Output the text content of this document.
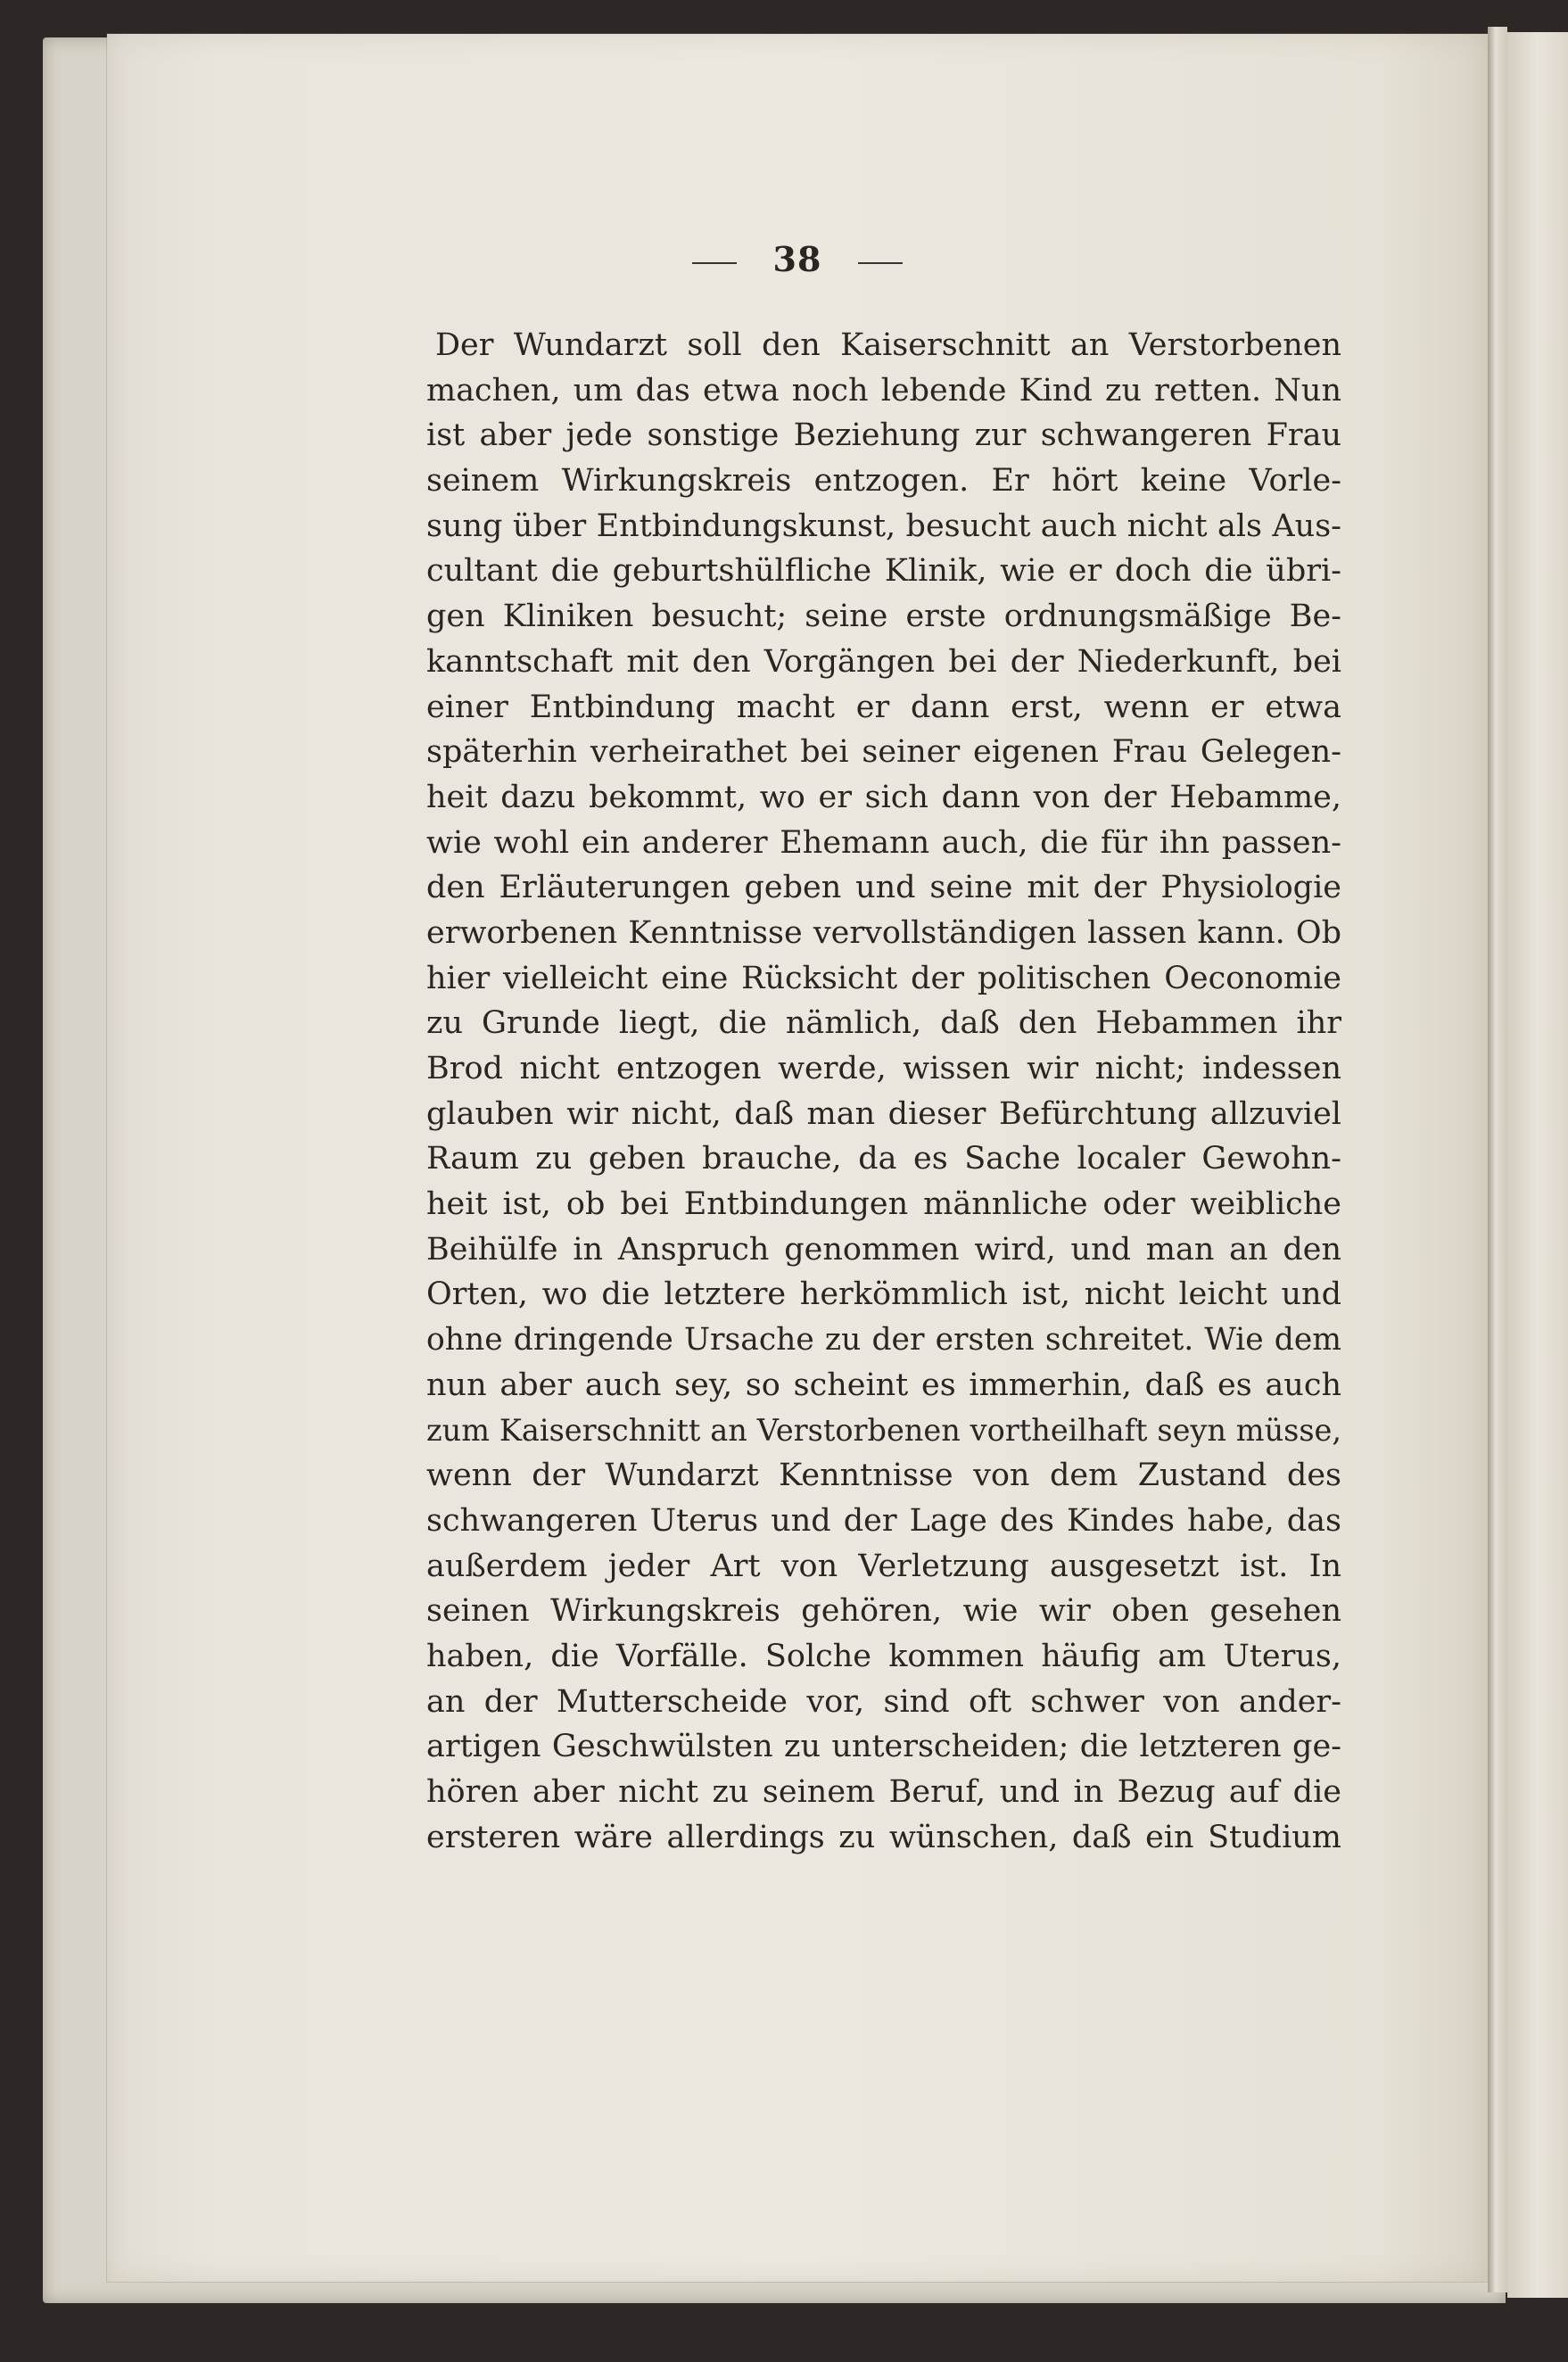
38
Der Wundarzt soll den Kaiserschnitt an Verstorbenen
machen, um das etwa noch lebende Kind zu retten. Nun
ist aber jede sonstige Beziehung zur schwangeren Frau
seinem Wirkungskreis entzogen. Er hört keine Vorle-
sung über Entbindungskunst, besucht auch nicht als Aus-
cultant die geburtshülfliche Klinik, wie er doch die übri-
gen Kliniken besucht; seine erste ordnungsmäßige Be-
kanntschaft mit den Vorgängen bei der Niederkunft, bei
einer Entbindung macht er dann erst, wenn er etwa
späterhin verheirathet bei seiner eigenen Frau Gelegen-
heit dazu bekommt, wo er sich dann von der Hebamme,
wie wohl ein anderer Ehemann auch, die für ihn passen-
den Erläuterungen geben und seine mit der Physiologie
erworbenen Kenntnisse vervollständigen lassen kann. Ob
hier vielleicht eine Rücksicht der politischen Oeconomie
zu Grunde liegt, die nämlich, daß den Hebammen ihr
Brod nicht entzogen werde, wissen wir nicht; indessen
glauben wir nicht, daß man dieser Befürchtung allzuviel
Raum zu geben brauche, da es Sache localer Gewohn-
heit ist, ob bei Entbindungen männliche oder weibliche
Beihülfe in Anspruch genommen wird, und man an den
Orten, wo die letztere herkömmlich ist, nicht leicht und
ohne dringende Ursache zu der ersten schreitet. Wie dem
nun aber auch sey, so scheint es immerhin, daß es auch
zum Kaiserschnitt an Verstorbenen vortheilhaft seyn müsse,
wenn der Wundarzt Kenntnisse von dem Zustand des
schwangeren Uterus und der Lage des Kindes habe, das
außerdem jeder Art von Verletzung ausgesetzt ist. In
seinen Wirkungskreis gehören, wie wir oben gesehen
haben, die Vorfälle. Solche kommen häufig am Uterus,
an der Mutterscheide vor, sind oft schwer von ander-
artigen Geschwülsten zu unterscheiden; die letzteren ge-
hören aber nicht zu seinem Beruf, und in Bezug auf die
ersteren wäre allerdings zu wünschen, daß ein Studium
